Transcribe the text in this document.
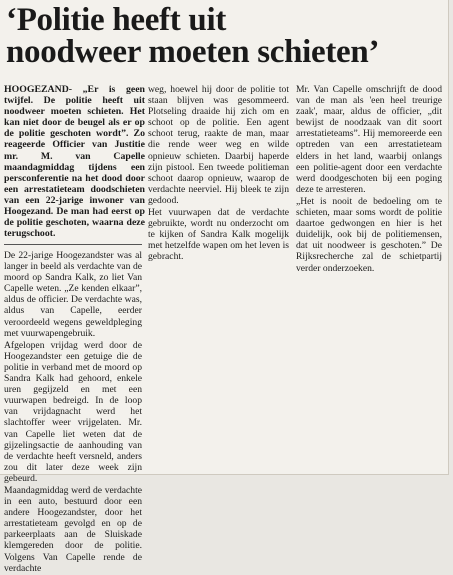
‘Politie heeft uit
noodweer moeten schieten’

HOOGEZAND- „Er is geen twijfel. De politie heeft uit noodweer moeten schieten. Het kan niet door de beugel als er op de politie geschoten wordt”. Zo reageerde Officier van Justitie mr. M. van Capelle maandagmiddag tijdens een persconferentie na het dood door een arrestatieteam doodschieten van een 22-jarige inwoner van Hoogezand. De man had eerst op de politie geschoten, waarna deze terugschoot.

De 22-jarige Hoogezandster was al langer in beeld als verdachte van de moord op Sandra Kalk, zo liet Van Capelle weten. „Ze kenden elkaar”, aldus de officier. De verdachte was, aldus van Capelle, eerder veroordeeld wegens geweldpleging met vuurwapengebruik.

Afgelopen vrijdag werd door de Hoogezandster een getuige die de politie in verband met de moord op Sandra Kalk had gehoord, enkele uren gegijzeld en met een vuurwapen bedreigd. In de loop van vrijdagnacht werd het slachtoffer weer vrijgelaten. Mr. van Capelle liet weten dat de gijzelingsactie de aanhouding van de verdachte heeft versneld, anders zou dit later deze week zijn gebeurd.

Maandagmiddag werd de verdachte in een auto, bestuurd door een andere Hoogezandster, door het arrestatieteam gevolgd en op de parkeerplaats aan de Sluiskade klemgereden door de politie. Volgens Van Capelle rende de verdachte

weg, hoewel hij door de politie tot staan blijven was gesommeerd. Plotseling draaide hij zich om en schoot op de politie. Een agent schoot terug, raakte de man, maar die rende weer weg en wilde opnieuw schieten. Daarbij haperde zijn pistool. Een tweede politieman schoot daarop opnieuw, waarop de verdachte neerviel. Hij bleek te zijn gedood.

Het vuurwapen dat de verdachte gebruikte, wordt nu onderzocht om te kijken of Sandra Kalk mogelijk met hetzelfde wapen om het leven is gebracht.

Mr. Van Capelle omschrijft de dood van de man als 'een heel treurige zaak', maar, aldus de officier, „dit bewijst de noodzaak van dit soort arrestatieteams”. Hij memoreerde een optreden van een arrestatieteam elders in het land, waarbij onlangs een politie-agent door een verdachte werd doodgeschoten bij een poging deze te arresteren.

„Het is nooit de bedoeling om te schieten, maar soms wordt de politie daartoe gedwongen en hier is het duidelijk, ook bij de politiemensen, dat uit noodweer is geschoten.” De Rijksrecherche zal de schietpartij verder onderzoeken.
